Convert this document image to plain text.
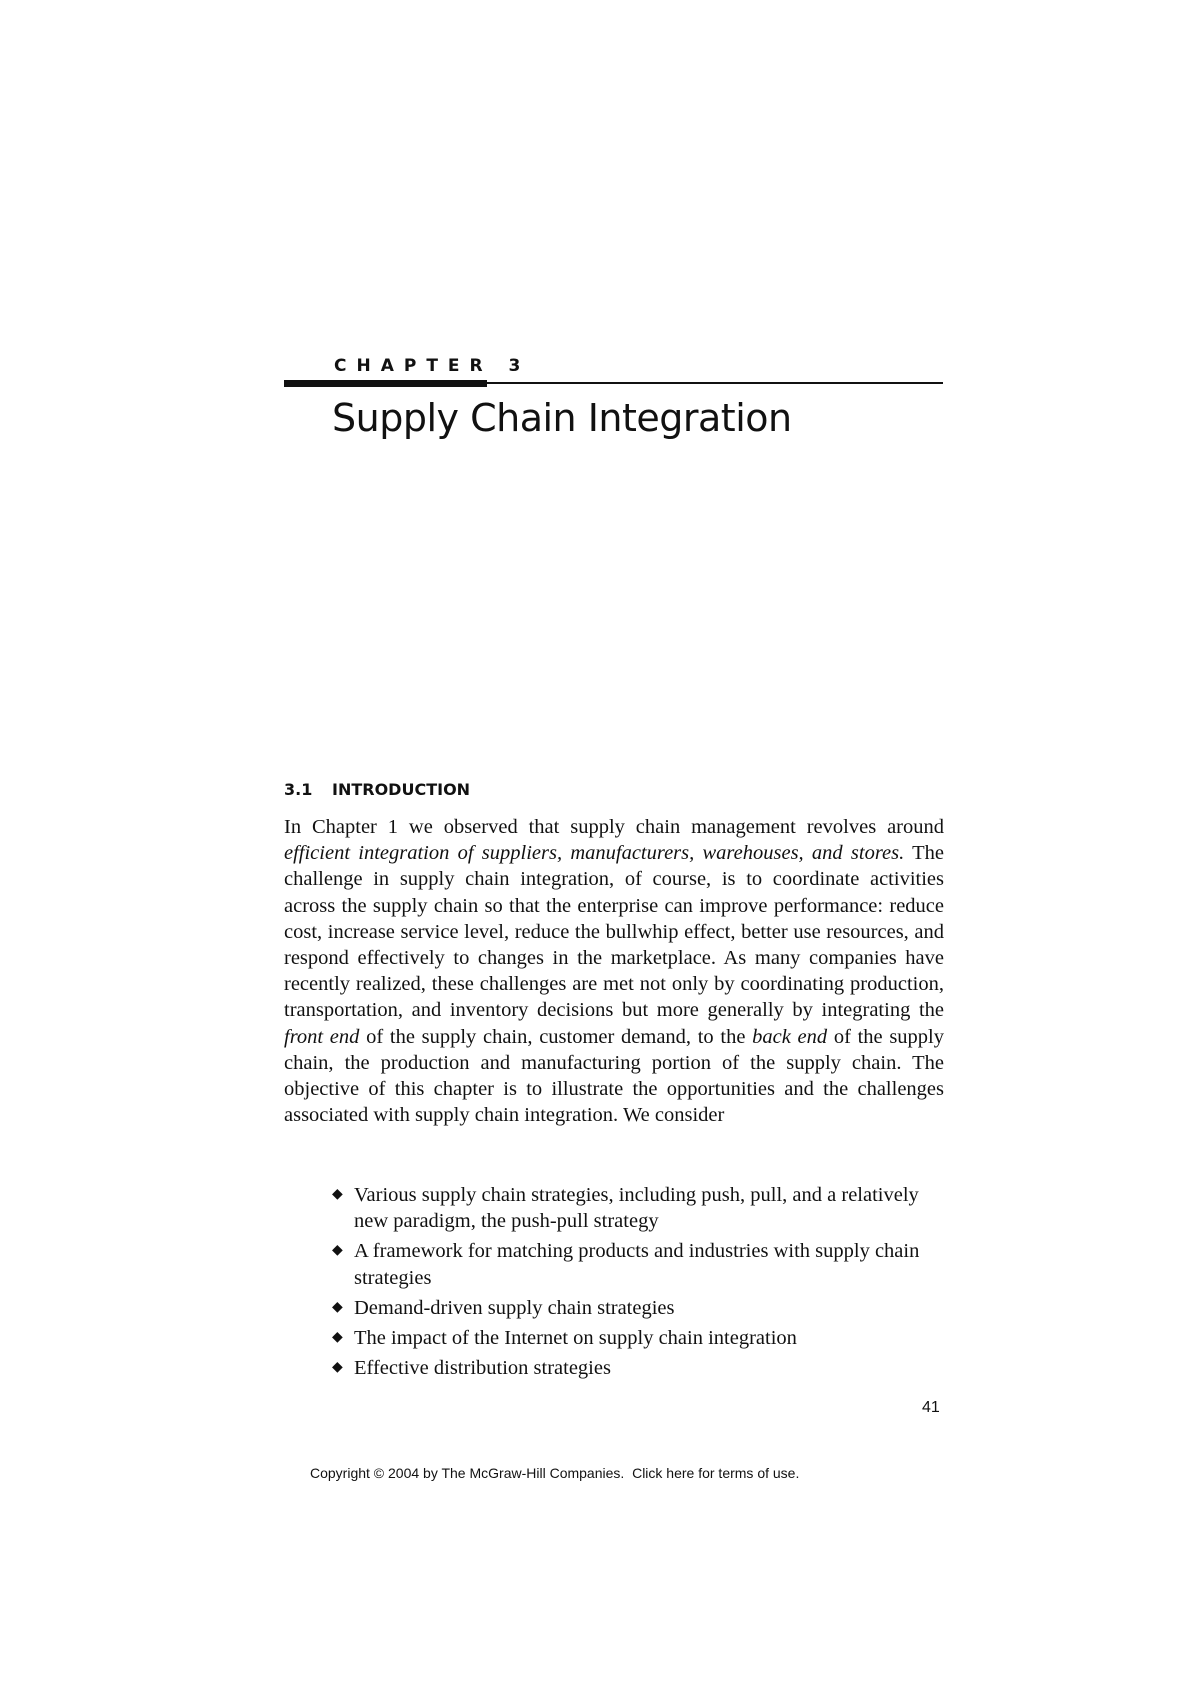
CHAPTER 3
Supply Chain Integration
3.1 INTRODUCTION

In Chapter 1 we observed that supply chain management revolves around efficient integration of suppliers, manufacturers, warehouses, and stores. The challenge in supply chain integration, of course, is to coordinate activities across the supply chain so that the enterprise can improve performance: reduce cost, increase service level, reduce the bullwhip effect, better use resources, and respond effectively to changes in the marketplace. As many companies have recently realized, these challenges are met not only by coordinating production, transportation, and inventory decisions but more generally by integrating the front end of the supply chain, customer demand, to the back end of the supply chain, the production and manufacturing portion of the supply chain. The objective of this chapter is to illustrate the opportunities and the challenges associated with supply chain integration. We consider

◆ Various supply chain strategies, including push, pull, and a relatively new paradigm, the push-pull strategy
◆ A framework for matching products and industries with supply chain strategies
◆ Demand-driven supply chain strategies
◆ The impact of the Internet on supply chain integration
◆ Effective distribution strategies
41
Copyright © 2004 by The McGraw-Hill Companies. Click here for terms of use.
